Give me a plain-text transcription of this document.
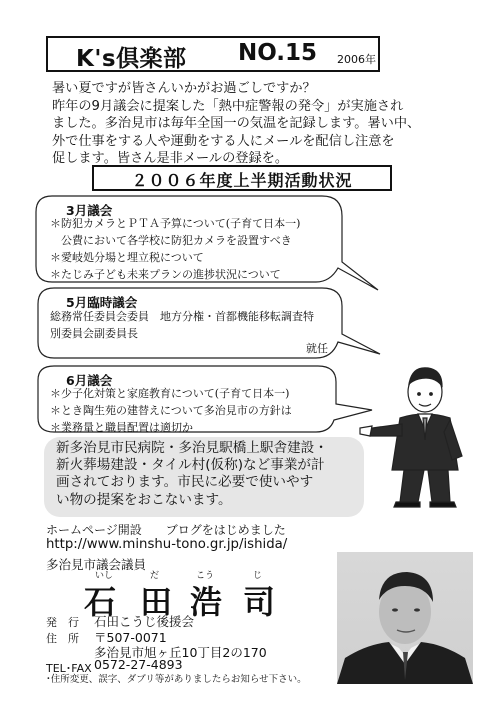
K's倶楽部 NO.15 2006年
暑い夏ですが皆さんいかがお過ごしですか？
昨年の9月議会に提案した「熱中症警報の発令」が実施され
ました。多治見市は毎年全国一の気温を記録します。暑い中、
外で仕事をする人や運動をする人にメールを配信し注意を
促します。皆さん是非メールの登録を。
２００６年度上半期活動状況
3月議会
＊防犯カメラとＰＴＡ予算について(子育て日本一)
　公費において各学校に防犯カメラを設置すべき
＊愛岐処分場と埋立税について
＊たじみ子ども未来プランの進捗状況について
5月臨時議会
総務常任委員会委員　地方分権・首都機能移転調査特
別委員会副委員長
就任
6月議会
＊少子化対策と家庭教育について(子育て日本一)
＊とき陶生苑の建替えについて多治見市の方針は
＊業務量と職員配置は適切か
新多治見市民病院・多治見駅橋上駅舎建設・
新火葬場建設・タイル村(仮称)など事業が計
画されております。市民に必要で使いやす
い物の提案をおこないます。
ホームページ開設　　ブログをはじめました
http://www.minshu-tono.gr.jp/ishida/
多治見市議会議員
いし	だ	こう	じ
石 田 浩 司
発　行 石田こうじ後援会
住　所 〒507-0071
多治見市旭ヶ丘10丁目2の170
TEL･FAX 0572-27-4893
･住所変更、誤字、ダブリ等がありましたらお知らせ下さい。
